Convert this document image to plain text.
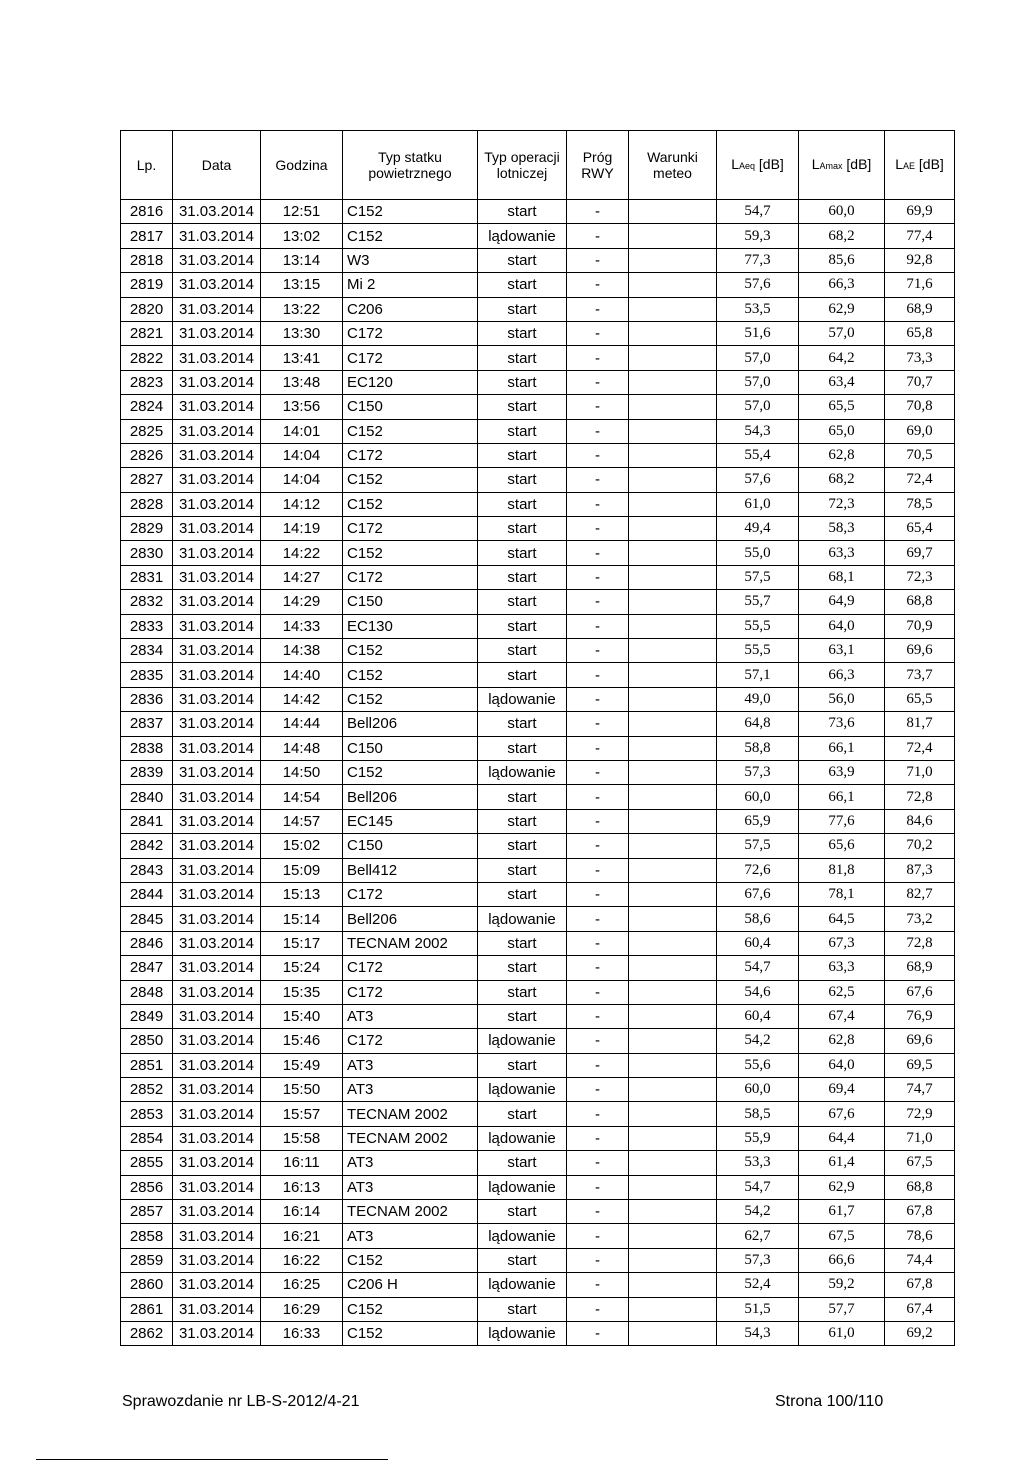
Lp.	Data	Godzina	Typ statku powietrznego	Typ operacji lotniczej	Próg RWY	Warunki meteo	LAeq [dB]	LAmax [dB]	LAE [dB]
2816	31.03.2014	12:51	C152	start	-		54,7	60,0	69,9
2817	31.03.2014	13:02	C152	lądowanie	-		59,3	68,2	77,4
2818	31.03.2014	13:14	W3	start	-		77,3	85,6	92,8
2819	31.03.2014	13:15	Mi 2	start	-		57,6	66,3	71,6
2820	31.03.2014	13:22	C206	start	-		53,5	62,9	68,9
2821	31.03.2014	13:30	C172	start	-		51,6	57,0	65,8
2822	31.03.2014	13:41	C172	start	-		57,0	64,2	73,3
2823	31.03.2014	13:48	EC120	start	-		57,0	63,4	70,7
2824	31.03.2014	13:56	C150	start	-		57,0	65,5	70,8
2825	31.03.2014	14:01	C152	start	-		54,3	65,0	69,0
2826	31.03.2014	14:04	C172	start	-		55,4	62,8	70,5
2827	31.03.2014	14:04	C152	start	-		57,6	68,2	72,4
2828	31.03.2014	14:12	C152	start	-		61,0	72,3	78,5
2829	31.03.2014	14:19	C172	start	-		49,4	58,3	65,4
2830	31.03.2014	14:22	C152	start	-		55,0	63,3	69,7
2831	31.03.2014	14:27	C172	start	-		57,5	68,1	72,3
2832	31.03.2014	14:29	C150	start	-		55,7	64,9	68,8
2833	31.03.2014	14:33	EC130	start	-		55,5	64,0	70,9
2834	31.03.2014	14:38	C152	start	-		55,5	63,1	69,6
2835	31.03.2014	14:40	C152	start	-		57,1	66,3	73,7
2836	31.03.2014	14:42	C152	lądowanie	-		49,0	56,0	65,5
2837	31.03.2014	14:44	Bell206	start	-		64,8	73,6	81,7
2838	31.03.2014	14:48	C150	start	-		58,8	66,1	72,4
2839	31.03.2014	14:50	C152	lądowanie	-		57,3	63,9	71,0
2840	31.03.2014	14:54	Bell206	start	-		60,0	66,1	72,8
2841	31.03.2014	14:57	EC145	start	-		65,9	77,6	84,6
2842	31.03.2014	15:02	C150	start	-		57,5	65,6	70,2
2843	31.03.2014	15:09	Bell412	start	-		72,6	81,8	87,3
2844	31.03.2014	15:13	C172	start	-		67,6	78,1	82,7
2845	31.03.2014	15:14	Bell206	lądowanie	-		58,6	64,5	73,2
2846	31.03.2014	15:17	TECNAM 2002	start	-		60,4	67,3	72,8
2847	31.03.2014	15:24	C172	start	-		54,7	63,3	68,9
2848	31.03.2014	15:35	C172	start	-		54,6	62,5	67,6
2849	31.03.2014	15:40	AT3	start	-		60,4	67,4	76,9
2850	31.03.2014	15:46	C172	lądowanie	-		54,2	62,8	69,6
2851	31.03.2014	15:49	AT3	start	-		55,6	64,0	69,5
2852	31.03.2014	15:50	AT3	lądowanie	-		60,0	69,4	74,7
2853	31.03.2014	15:57	TECNAM 2002	start	-		58,5	67,6	72,9
2854	31.03.2014	15:58	TECNAM 2002	lądowanie	-		55,9	64,4	71,0
2855	31.03.2014	16:11	AT3	start	-		53,3	61,4	67,5
2856	31.03.2014	16:13	AT3	lądowanie	-		54,7	62,9	68,8
2857	31.03.2014	16:14	TECNAM 2002	start	-		54,2	61,7	67,8
2858	31.03.2014	16:21	AT3	lądowanie	-		62,7	67,5	78,6
2859	31.03.2014	16:22	C152	start	-		57,3	66,6	74,4
2860	31.03.2014	16:25	C206 H	lądowanie	-		52,4	59,2	67,8
2861	31.03.2014	16:29	C152	start	-		51,5	57,7	67,4
2862	31.03.2014	16:33	C152	lądowanie	-		54,3	61,0	69,2
Sprawozdanie nr LB-S-2012/4-21	Strona 100/110
